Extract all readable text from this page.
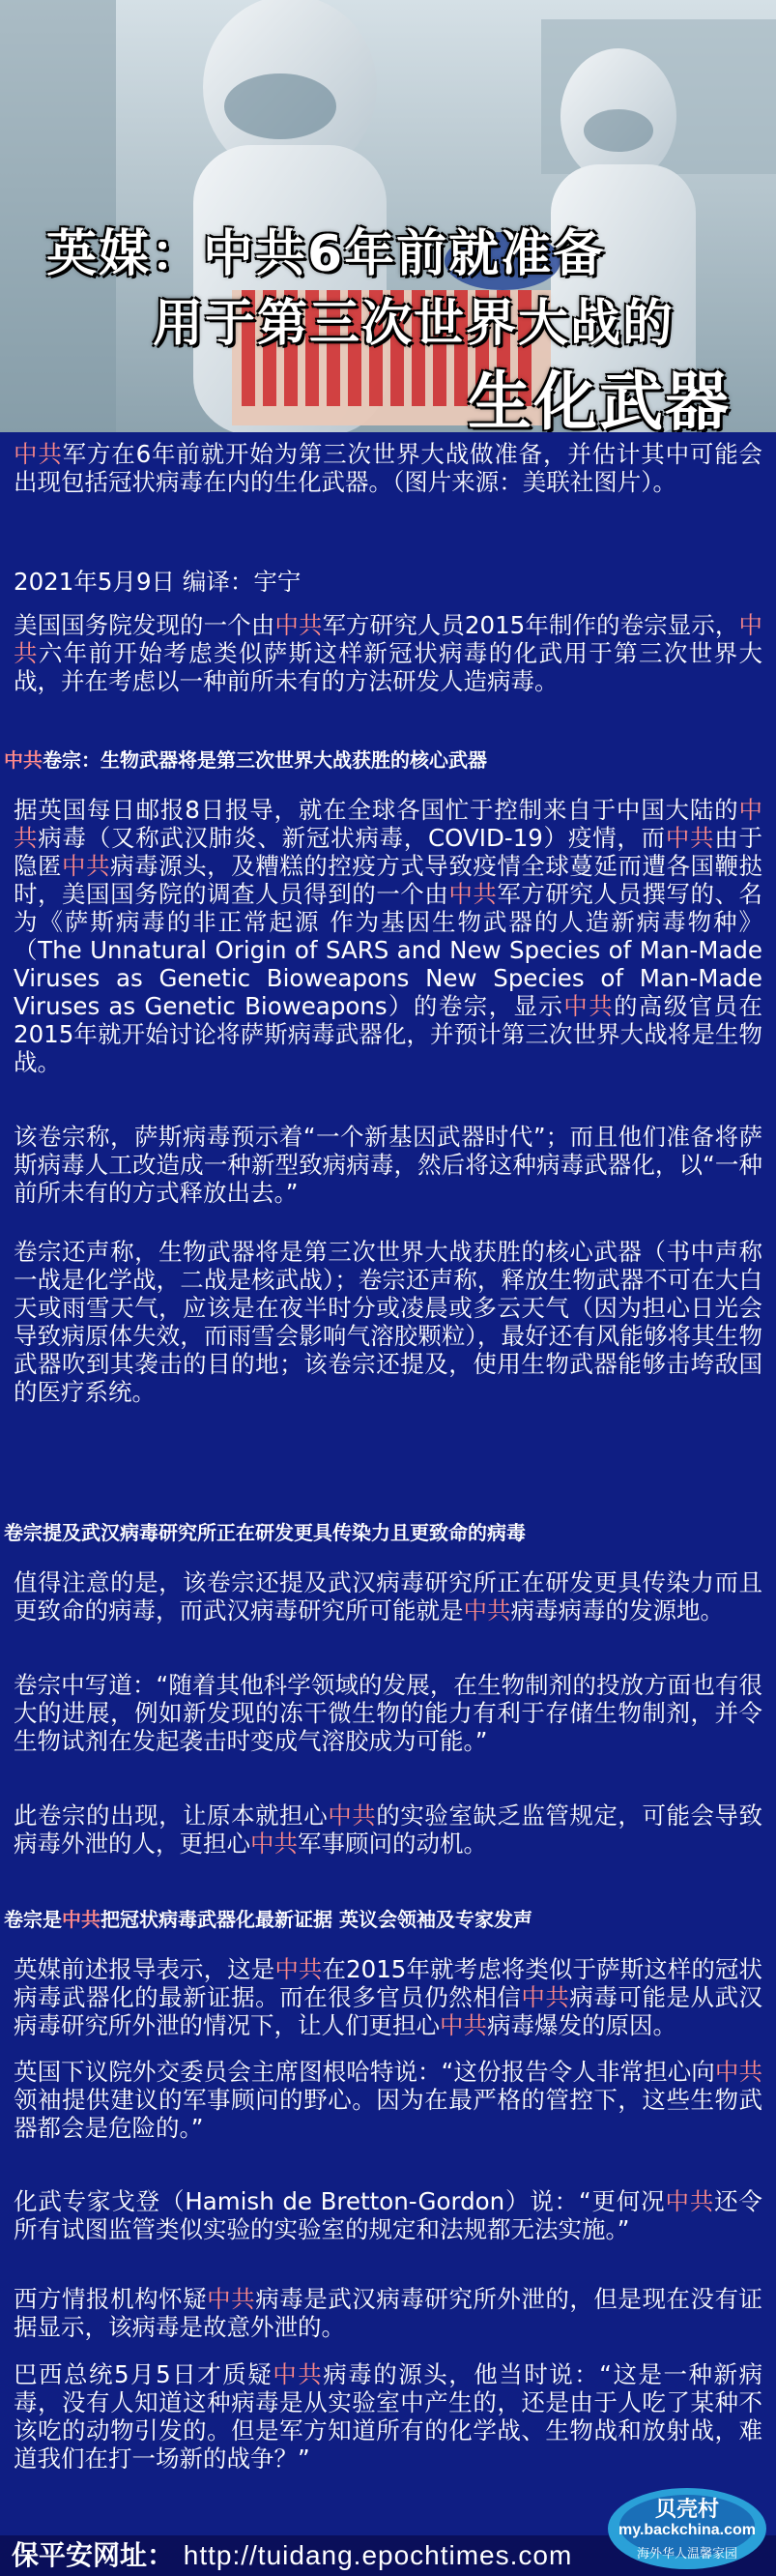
英媒：中共6年前就准备
用于第三次世界大战的
生化武器
中共军方在6年前就开始为第三次世界大战做准备，并估计其中可能会出现包括冠状病毒在内的生化武器。（图片来源：美联社图片）。
2021年5月9日 编译：宇宁
美国国务院发现的一个由中共军方研究人员2015年制作的卷宗显示，中共六年前开始考虑类似萨斯这样新冠状病毒的化武用于第三次世界大战，并在考虑以一种前所未有的方法研发人造病毒。
中共卷宗：生物武器将是第三次世界大战获胜的核心武器
据英国每日邮报8日报导，就在全球各国忙于控制来自于中国大陆的中共病毒（又称武汉肺炎、新冠状病毒，COVID-19）疫情，而中共由于隐匿中共病毒源头，及糟糕的控疫方式导致疫情全球蔓延而遭各国鞭挞时，美国国务院的调查人员得到的一个由中共军方研究人员撰写的、名为《萨斯病毒的非正常起源 作为基因生物武器的人造新病毒物种》（The Unnatural Origin of SARS and New Species of Man-Made Viruses as Genetic Bioweapons New Species of Man-Made Viruses as Genetic Bioweapons）的卷宗，显示中共的高级官员在2015年就开始讨论将萨斯病毒武器化，并预计第三次世界大战将是生物战。
该卷宗称，萨斯病毒预示着“一个新基因武器时代”；而且他们准备将萨斯病毒人工改造成一种新型致病病毒，然后将这种病毒武器化，以“一种前所未有的方式释放出去。”
卷宗还声称，生物武器将是第三次世界大战获胜的核心武器（书中声称一战是化学战，二战是核武战）；卷宗还声称，释放生物武器不可在大白天或雨雪天气，应该是在夜半时分或凌晨或多云天气（因为担心日光会导致病原体失效，而雨雪会影响气溶胶颗粒），最好还有风能够将其生物武器吹到其袭击的目的地；该卷宗还提及，使用生物武器能够击垮敌国的医疗系统。
卷宗提及武汉病毒研究所正在研发更具传染力且更致命的病毒
值得注意的是，该卷宗还提及武汉病毒研究所正在研发更具传染力而且更致命的病毒，而武汉病毒研究所可能就是中共病毒病毒的发源地。
卷宗中写道：“随着其他科学领域的发展，在生物制剂的投放方面也有很大的进展，例如新发现的冻干微生物的能力有利于存储生物制剂，并令生物试剂在发起袭击时变成气溶胶成为可能。”
此卷宗的出现，让原本就担心中共的实验室缺乏监管规定，可能会导致病毒外泄的人，更担心中共军事顾问的动机。
卷宗是中共把冠状病毒武器化最新证据 英议会领袖及专家发声
英媒前述报导表示，这是中共在2015年就考虑将类似于萨斯这样的冠状病毒武器化的最新证据。而在很多官员仍然相信中共病毒可能是从武汉病毒研究所外泄的情况下，让人们更担心中共病毒爆发的原因。
英国下议院外交委员会主席图根哈特说：“这份报告令人非常担心向中共领袖提供建议的军事顾问的野心。因为在最严格的管控下，这些生物武器都会是危险的。”
化武专家戈登（Hamish de Bretton-Gordon）说：“更何况中共还令所有试图监管类似实验的实验室的规定和法规都无法实施。”
西方情报机构怀疑中共病毒是武汉病毒研究所外泄的，但是现在没有证据显示，该病毒是故意外泄的。
巴西总统5月5日才质疑中共病毒的源头，他当时说：“这是一种新病毒，没有人知道这种病毒是从实验室中产生的，还是由于人吃了某种不该吃的动物引发的。但是军方知道所有的化学战、生物战和放射战，难道我们在打一场新的战争？”
保平安网址： http://tuidang.epochtimes.com
贝壳村
my.backchina.com
海外华人温馨家园
